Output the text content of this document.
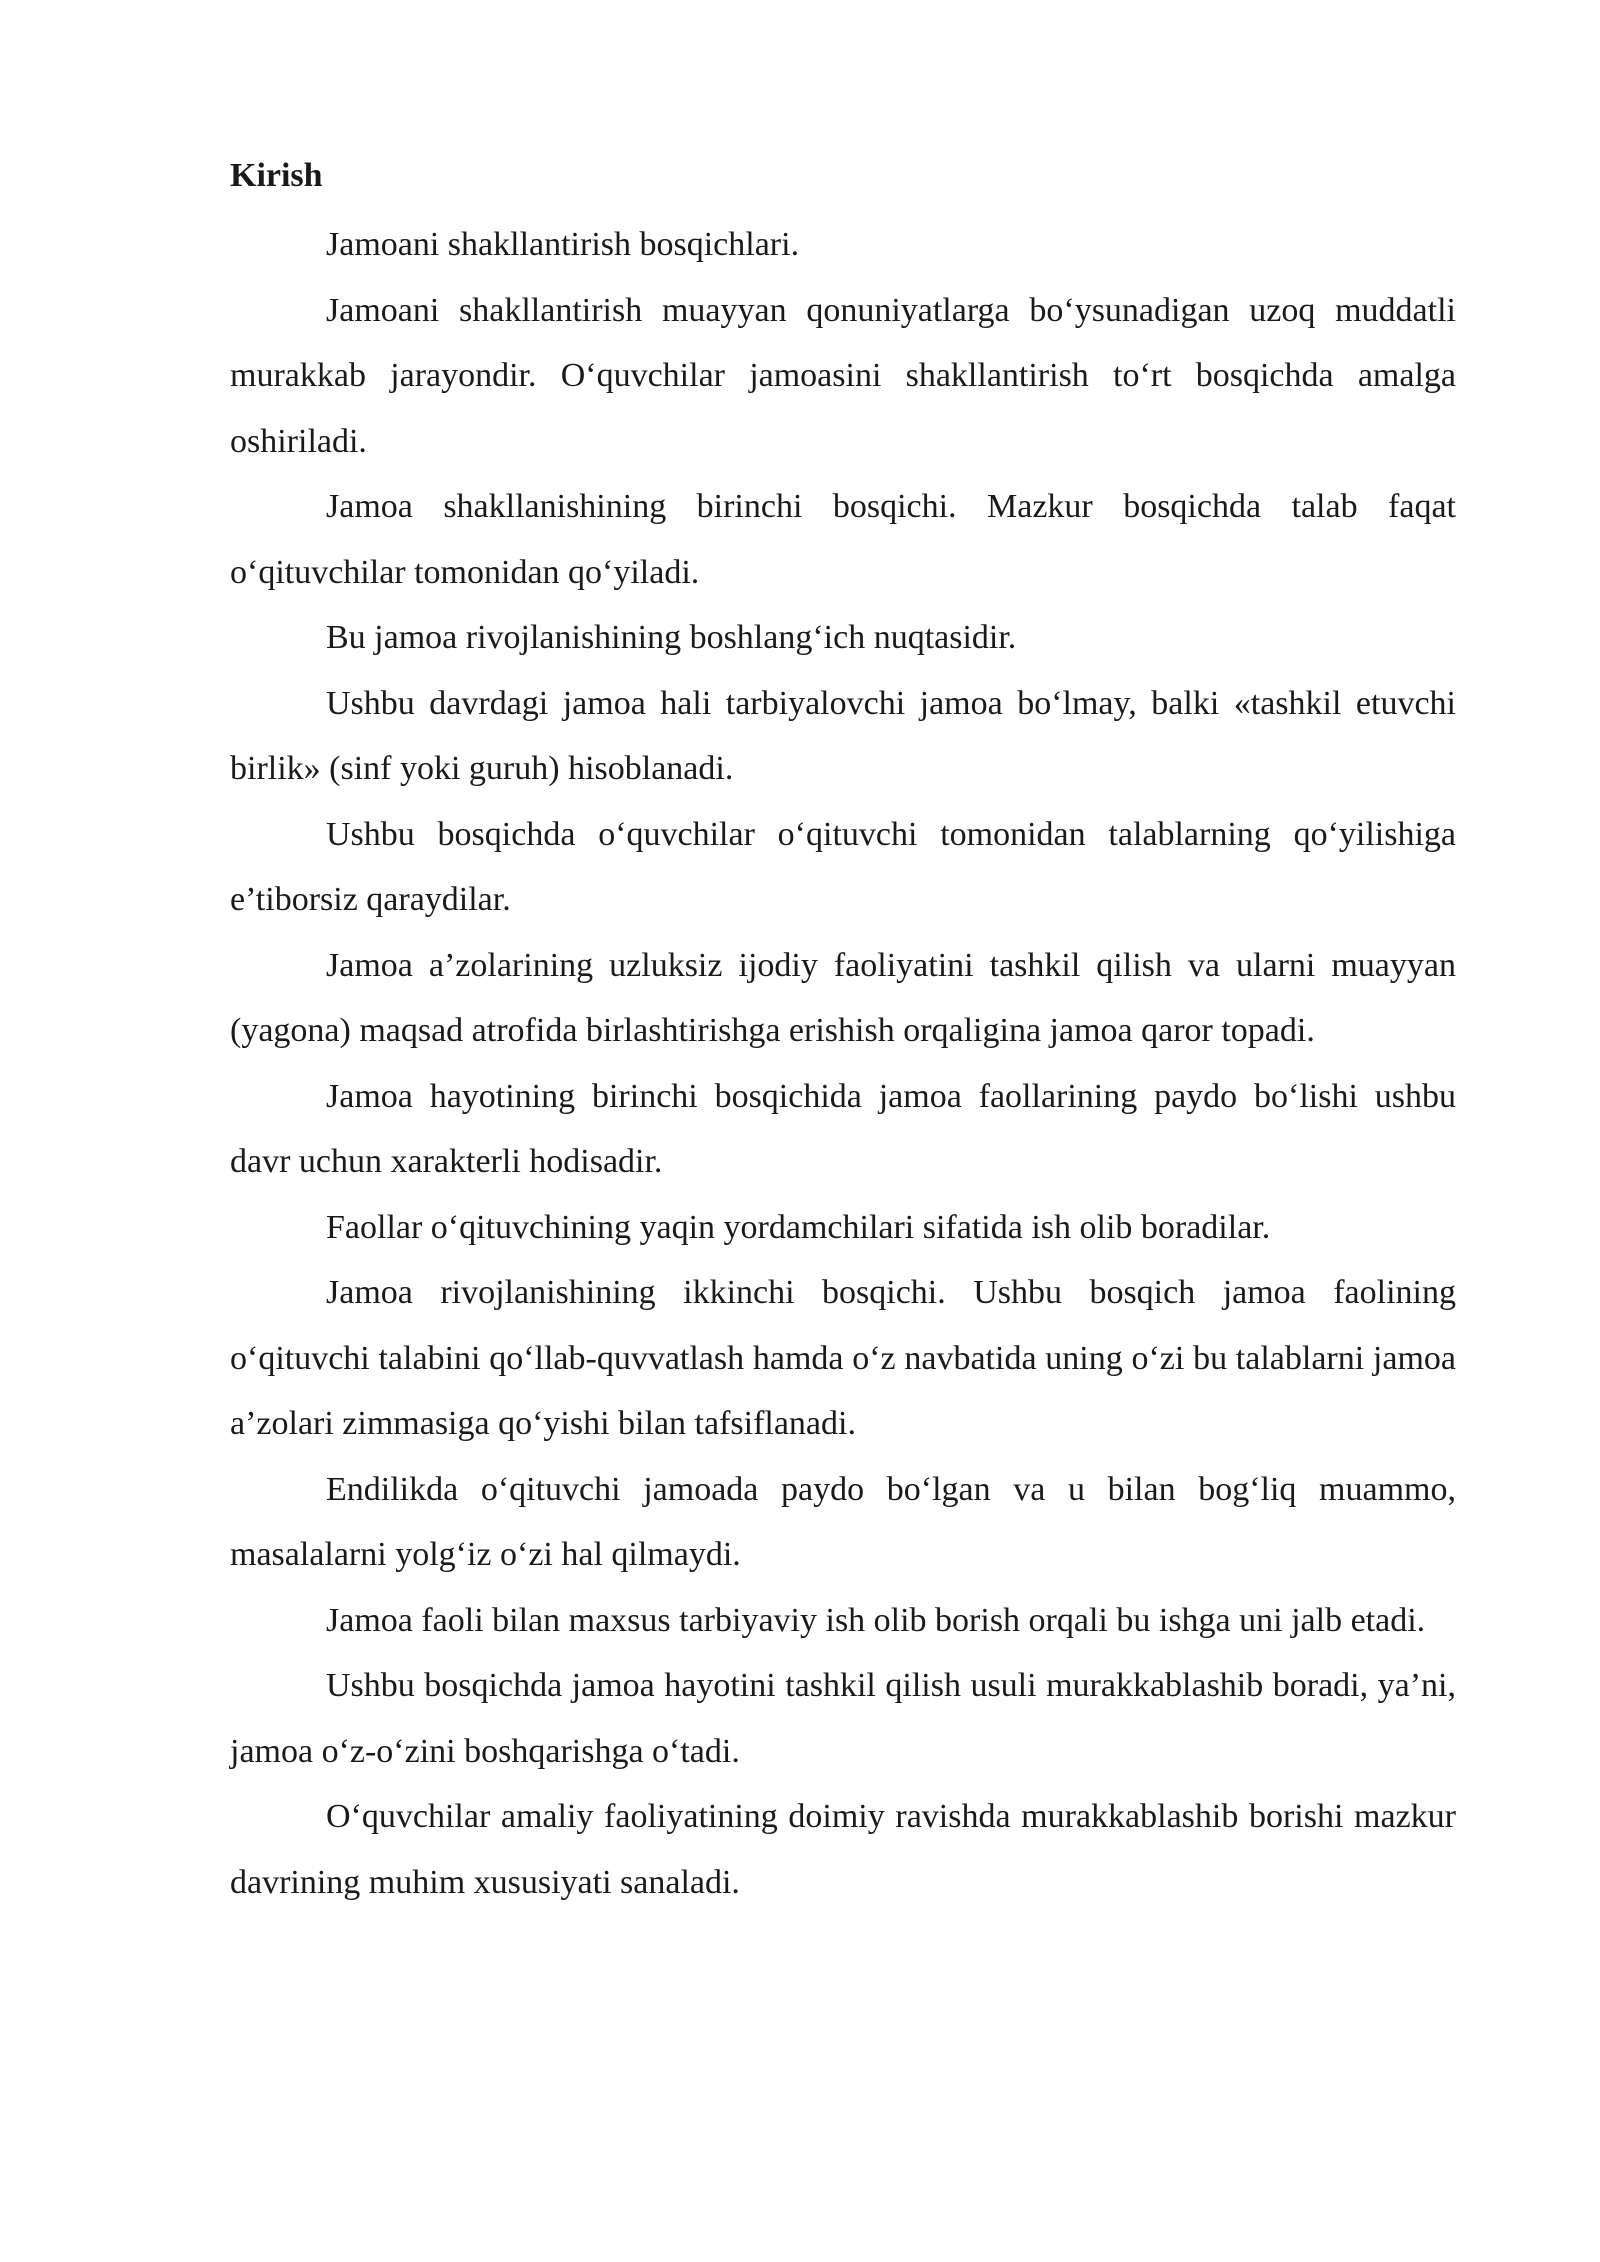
Kirish

Jamoani shakllantirish bosqichlari.

Jamoani shakllantirish muayyan qonuniyatlarga bo‘ysunadigan uzoq muddatli murakkab jarayondir. O‘quvchilar jamoasini shakllantirish to‘rt bosqichda amalga oshiriladi.

Jamoa shakllanishining birinchi bosqichi. Mazkur bosqichda talab faqat o‘qituvchilar tomonidan qo‘yiladi.

Bu jamoa rivojlanishining boshlang‘ich nuqtasidir.

Ushbu davrdagi jamoa hali tarbiyalovchi jamoa bo‘lmay, balki «tashkil etuvchi birlik» (sinf yoki guruh) hisoblanadi.

Ushbu bosqichda o‘quvchilar o‘qituvchi tomonidan talablarning qo‘yilishiga e’tiborsiz qaraydilar.

Jamoa a’zolarining uzluksiz ijodiy faoliyatini tashkil qilish va ularni muayyan (yagona) maqsad atrofida birlashtirishga erishish orqaligina jamoa qaror topadi.

Jamoa hayotining birinchi bosqichida jamoa faollarining paydo bo‘lishi ushbu davr uchun xarakterli hodisadir.

Faollar o‘qituvchining yaqin yordamchilari sifatida ish olib boradilar.

Jamoa rivojlanishining ikkinchi bosqichi. Ushbu bosqich jamoa faolining o‘qituvchi talabini qo‘llab-quvvatlash hamda o‘z navbatida uning o‘zi bu talablarni jamoa a’zolari zimmasiga qo‘yishi bilan tafsiflanadi.

Endilikda o‘qituvchi jamoada paydo bo‘lgan va u bilan bog‘liq muammo, masalalarni yolg‘iz o‘zi hal qilmaydi.

Jamoa faoli bilan maxsus tarbiyaviy ish olib borish orqali bu ishga uni jalb etadi.

Ushbu bosqichda jamoa hayotini tashkil qilish usuli murakkablashib boradi, ya’ni, jamoa o‘z-o‘zini boshqarishga o‘tadi.

O‘quvchilar amaliy faoliyatining doimiy ravishda murakkablashib borishi mazkur davrining muhim xususiyati sanaladi.
